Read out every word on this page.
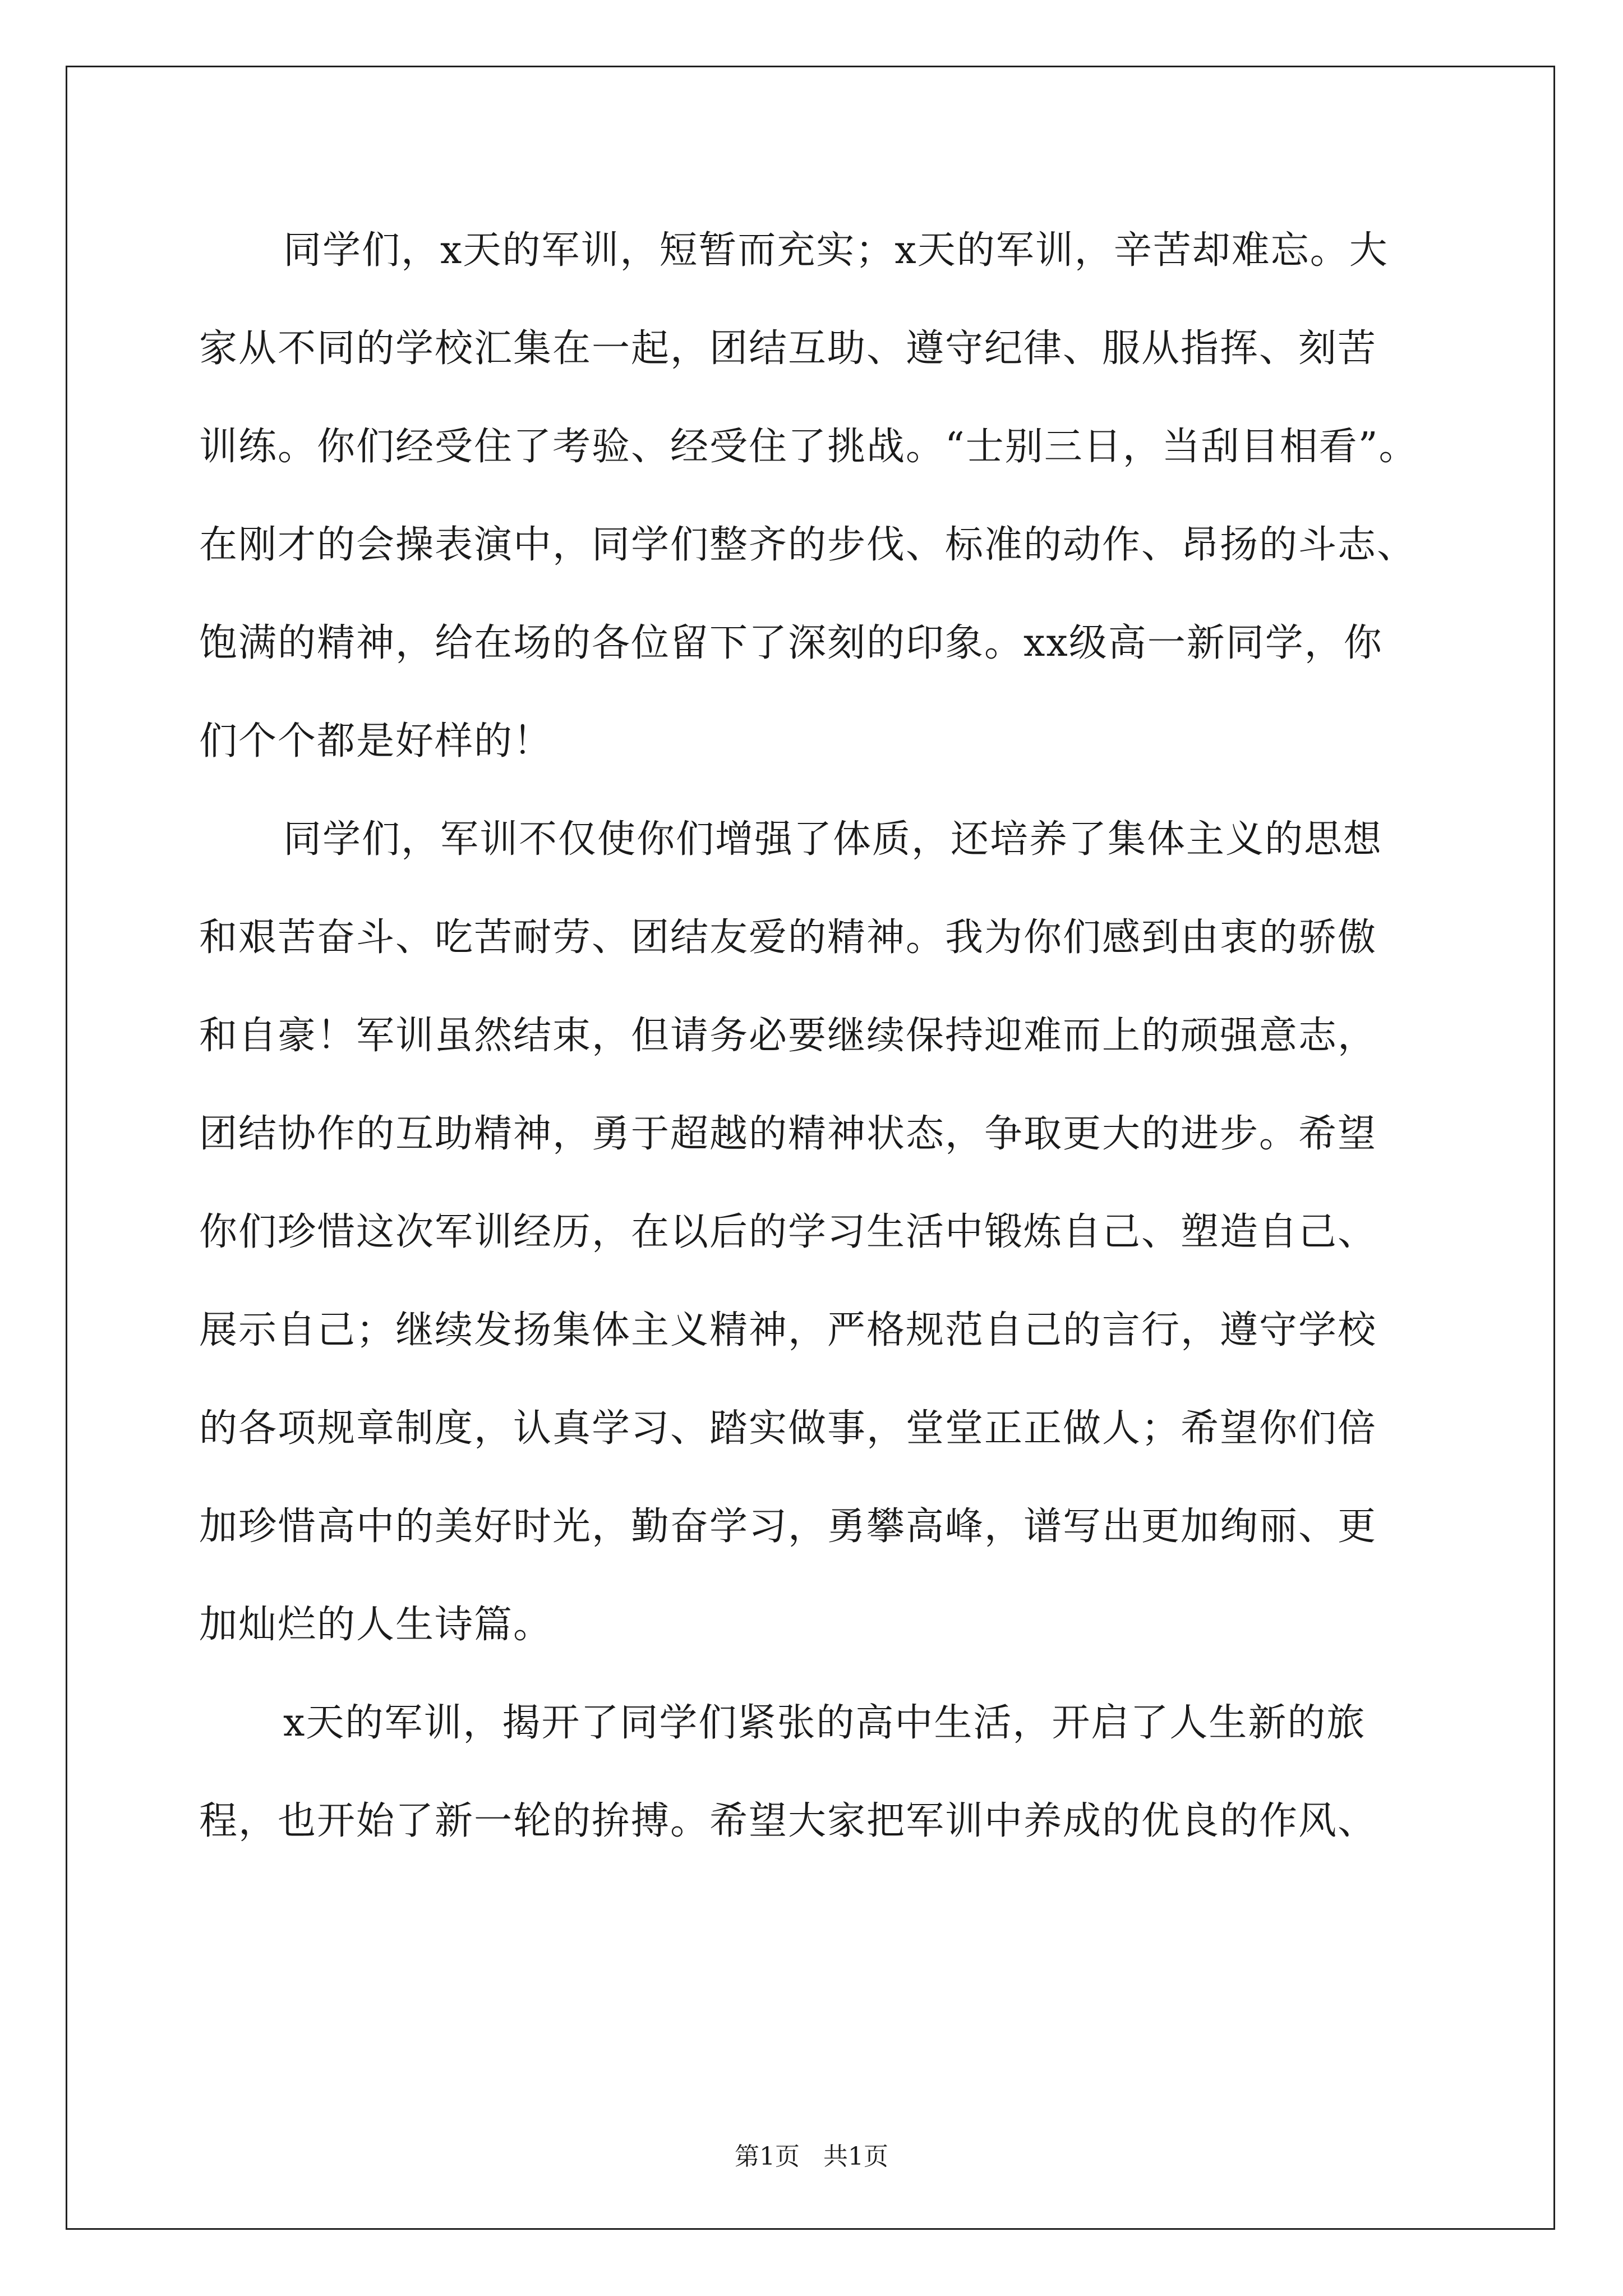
同学们，x天的军训，短暂而充实；x天的军训，辛苦却难忘。大
家从不同的学校汇集在一起，团结互助、遵守纪律、服从指挥、刻苦
训练。你们经受住了考验、经受住了挑战。“士别三日，当刮目相看”。
在刚才的会操表演中，同学们整齐的步伐、标准的动作、昂扬的斗志、
饱满的精神，给在场的各位留下了深刻的印象。xx级高一新同学，你
们个个都是好样的！
同学们，军训不仅使你们增强了体质，还培养了集体主义的思想
和艰苦奋斗、吃苦耐劳、团结友爱的精神。我为你们感到由衷的骄傲
和自豪！军训虽然结束，但请务必要继续保持迎难而上的顽强意志，
团结协作的互助精神，勇于超越的精神状态，争取更大的进步。希望
你们珍惜这次军训经历，在以后的学习生活中锻炼自己、塑造自己、
展示自己；继续发扬集体主义精神，严格规范自己的言行，遵守学校
的各项规章制度，认真学习、踏实做事，堂堂正正做人；希望你们倍
加珍惜高中的美好时光，勤奋学习，勇攀高峰，谱写出更加绚丽、更
加灿烂的人生诗篇。
x天的军训，揭开了同学们紧张的高中生活，开启了人生新的旅
程，也开始了新一轮的拚搏。希望大家把军训中养成的优良的作风、
第1页 共1页
